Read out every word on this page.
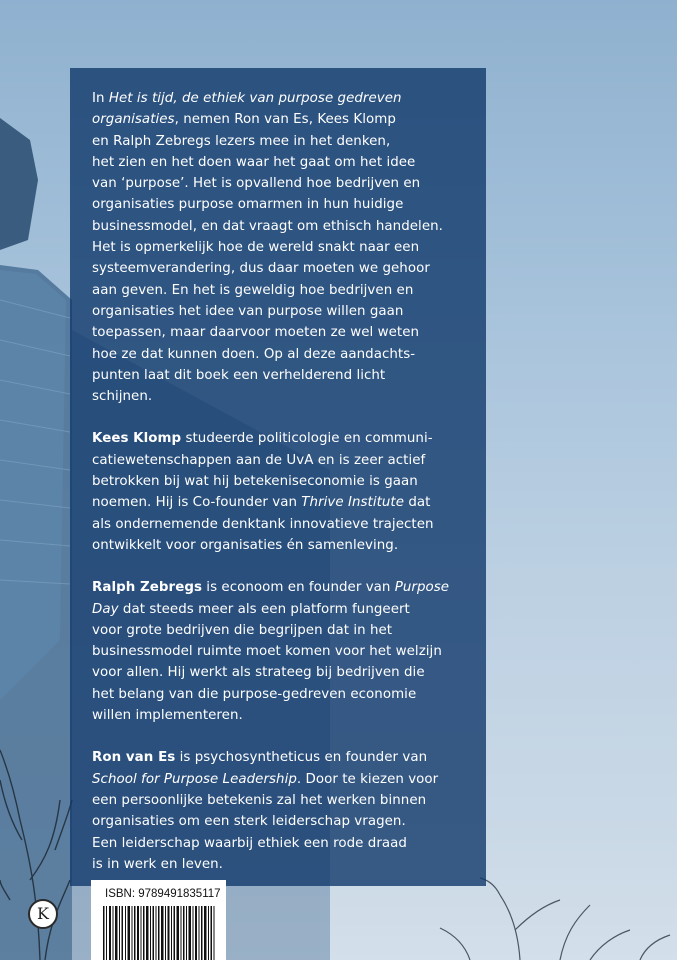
In Het is tijd, de ethiek van purpose gedreven
organisaties, nemen Ron van Es, Kees Klomp
en Ralph Zebregs lezers mee in het denken,
het zien en het doen waar het gaat om het idee
van ‘purpose’. Het is opvallend hoe bedrijven en
organisaties purpose omarmen in hun huidige
businessmodel, en dat vraagt om ethisch handelen.
Het is opmerkelijk hoe de wereld snakt naar een
systeemverandering, dus daar moeten we gehoor
aan geven. En het is geweldig hoe bedrijven en
organisaties het idee van purpose willen gaan
toepassen, maar daarvoor moeten ze wel weten
hoe ze dat kunnen doen. Op al deze aandachts-
punten laat dit boek een verhelderend licht
schijnen.

Kees Klomp studeerde politicologie en communi-
catiewetenschappen aan de UvA en is zeer actief
betrokken bij wat hij betekeniseconomie is gaan
noemen. Hij is Co-founder van Thrive Institute dat
als ondernemende denktank innovatieve trajecten
ontwikkelt voor organisaties én samenleving.

Ralph Zebregs is econoom en founder van Purpose
Day dat steeds meer als een platform fungeert
voor grote bedrijven die begrijpen dat in het
businessmodel ruimte moet komen voor het welzijn
voor allen. Hij werkt als strateeg bij bedrijven die
het belang van die purpose-gedreven economie
willen implementeren.

Ron van Es is psychosyntheticus en founder van
School for Purpose Leadership. Door te kiezen voor
een persoonlijke betekenis zal het werken binnen
organisaties om een sterk leiderschap vragen.
Een leiderschap waarbij ethiek een rode draad
is in werk en leven.

K
ISBN: 9789491835117
